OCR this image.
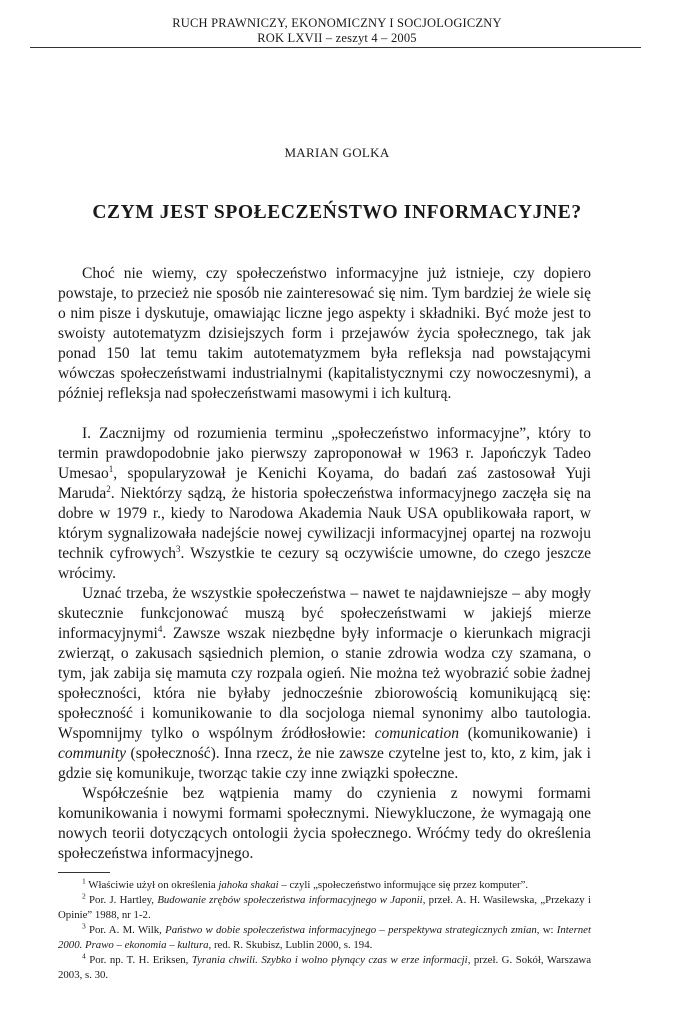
RUCH PRAWNICZY, EKONOMICZNY I SOCJOLOGICZNY
ROK LXVII – zeszyt 4 – 2005
MARIAN GOLKA
CZYM JEST SPOŁECZEŃSTWO INFORMACYJNE?

Choć nie wiemy, czy społeczeństwo informacyjne już istnieje, czy dopiero powstaje, to przecież nie sposób nie zainteresować się nim. Tym bardziej że wiele się o nim pisze i dyskutuje, omawiając liczne jego aspekty i składniki. Być może jest to swoisty autotematyzm dzisiejszych form i przejawów życia społecznego, tak jak ponad 150 lat temu takim autotematyzmem była refleksja nad powstającymi wówczas społeczeństwami industrialnymi (kapitalistycznymi czy nowoczesnymi), a później refleksja nad społeczeństwami masowymi i ich kulturą.

I. Zacznijmy od rozumienia terminu „społeczeństwo informacyjne”, który to termin prawdopodobnie jako pierwszy zaproponował w 1963 r. Japończyk Tadeo Umesao$^1$, spopularyzował je Kenichi Koyama, do badań zaś zastosował Yuji Maruda$^2$. Niektórzy sądzą, że historia społeczeństwa informacyjnego zaczęła się na dobre w 1979 r., kiedy to Narodowa Akademia Nauk USA opublikowała raport, w którym sygnalizowała nadejście nowej cywilizacji informacyjnej opartej na rozwoju technik cyfrowych$^3$. Wszystkie te cezury są oczywiście umowne, do czego jeszcze wrócimy.

Uznać trzeba, że wszystkie społeczeństwa – nawet te najdawniejsze – aby mogły skutecznie funkcjonować muszą być społeczeństwami w jakiejś mierze informacyjnymi$^4$. Zawsze wszak niezbędne były informacje o kierunkach migracji zwierząt, o zakusach sąsiednich plemion, o stanie zdrowia wodza czy szamana, o tym, jak zabija się mamuta czy rozpala ogień. Nie można też wyobrazić sobie żadnej społeczności, która nie byłaby jednocześnie zbiorowością komunikującą się: społeczność i komunikowanie to dla socjologa niemal synonimy albo tautologia. Wspomnijmy tylko o wspólnym źródłosłowie: comunication (komunikowanie) i community (społeczność). Inna rzecz, że nie zawsze czytelne jest to, kto, z kim, jak i gdzie się komunikuje, tworząc takie czy inne związki społeczne.

Współcześnie bez wątpienia mamy do czynienia z nowymi formami komunikowania i nowymi formami społecznymi. Niewykluczone, że wymagają one nowych teorii dotyczących ontologii życia społecznego. Wróćmy tedy do określenia społeczeństwa informacyjnego.

$^1$ Właściwie użył on określenia jahoka shakai – czyli „społeczeństwo informujące się przez komputer”.

$^2$ Por. J. Hartley, Budowanie zrębów społeczeństwa informacyjnego w Japonii, przeł. A. H. Wasilewska, „Przekazy i Opinie” 1988, nr 1-2.

$^3$ Por. A. M. Wilk, Państwo w dobie społeczeństwa informacyjnego – perspektywa strategicznych zmian, w: Internet 2000. Prawo – ekonomia – kultura, red. R. Skubisz, Lublin 2000, s. 194.

$^4$ Por. np. T. H. Eriksen, Tyrania chwili. Szybko i wolno płynący czas w erze informacji, przeł. G. Sokół, Warszawa 2003, s. 30.
